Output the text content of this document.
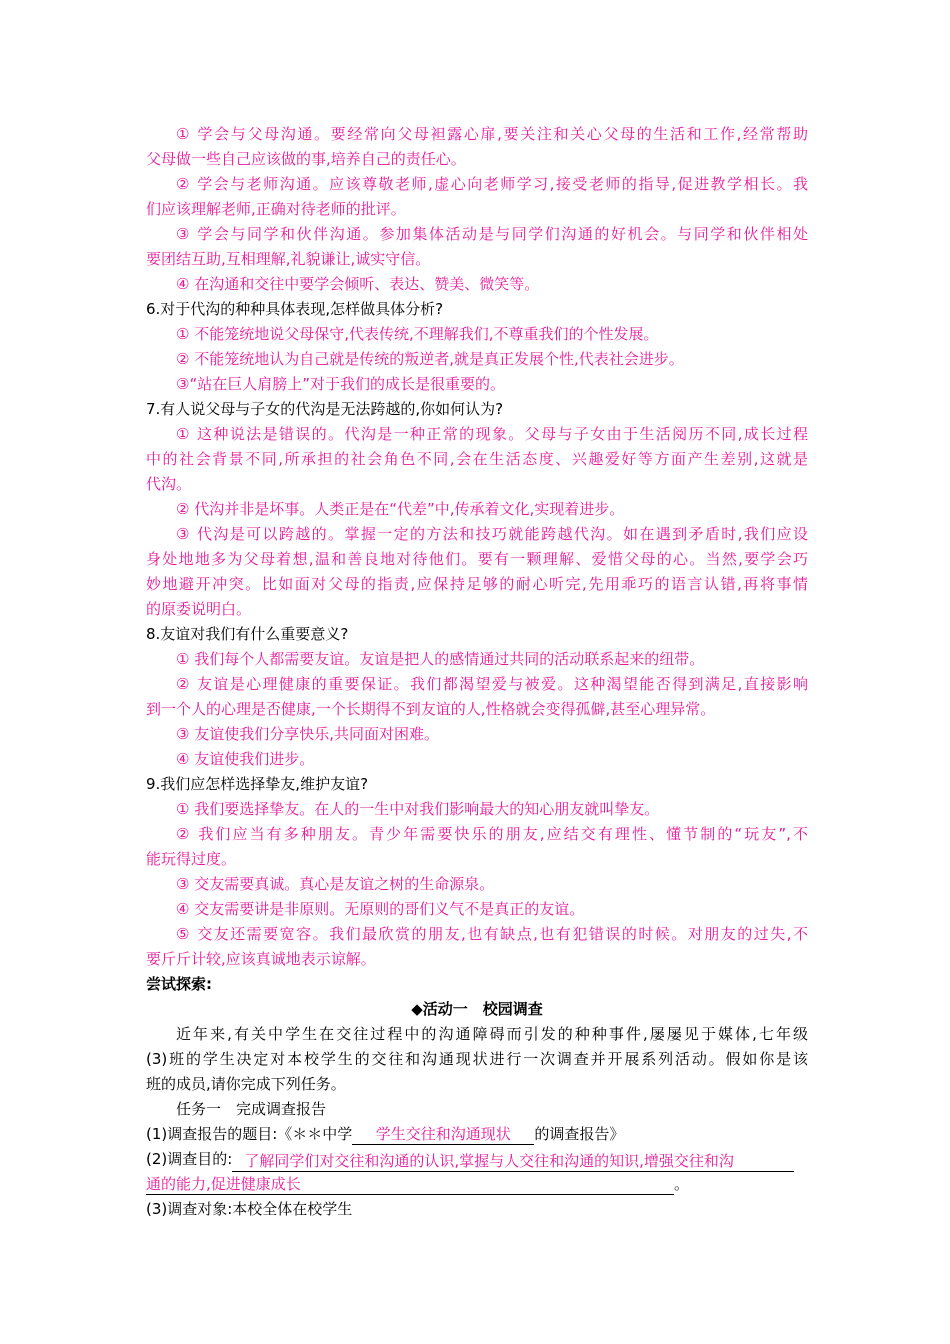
① 学会与父母沟通。要经常向父母袒露心扉,要关注和关心父母的生活和工作,经常帮助
父母做一些自己应该做的事,培养自己的责任心。
② 学会与老师沟通。应该尊敬老师,虚心向老师学习,接受老师的指导,促进教学相长。我
们应该理解老师,正确对待老师的批评。
③ 学会与同学和伙伴沟通。参加集体活动是与同学们沟通的好机会。与同学和伙伴相处
要团结互助,互相理解,礼貌谦让,诚实守信。
④ 在沟通和交往中要学会倾听、表达、赞美、微笑等。
6.对于代沟的种种具体表现,怎样做具体分析?
① 不能笼统地说父母保守,代表传统,不理解我们,不尊重我们的个性发展。
② 不能笼统地认为自己就是传统的叛逆者,就是真正发展个性,代表社会进步。
③“站在巨人肩膀上”对于我们的成长是很重要的。
7.有人说父母与子女的代沟是无法跨越的,你如何认为?
① 这种说法是错误的。代沟是一种正常的现象。父母与子女由于生活阅历不同,成长过程
中的社会背景不同,所承担的社会角色不同,会在生活态度、兴趣爱好等方面产生差别,这就是
代沟。
② 代沟并非是坏事。人类正是在“代差”中,传承着文化,实现着进步。
③ 代沟是可以跨越的。掌握一定的方法和技巧就能跨越代沟。如在遇到矛盾时,我们应设
身处地地多为父母着想,温和善良地对待他们。要有一颗理解、爱惜父母的心。当然,要学会巧
妙地避开冲突。比如面对父母的指责,应保持足够的耐心听完,先用乖巧的语言认错,再将事情
的原委说明白。
8.友谊对我们有什么重要意义?
① 我们每个人都需要友谊。友谊是把人的感情通过共同的活动联系起来的纽带。
② 友谊是心理健康的重要保证。我们都渴望爱与被爱。这种渴望能否得到满足,直接影响
到一个人的心理是否健康,一个长期得不到友谊的人,性格就会变得孤僻,甚至心理异常。
③ 友谊使我们分享快乐,共同面对困难。
④ 友谊使我们进步。
9.我们应怎样选择挚友,维护友谊?
① 我们要选择挚友。在人的一生中对我们影响最大的知心朋友就叫挚友。
② 我们应当有多种朋友。青少年需要快乐的朋友,应结交有理性、懂节制的“玩友”,不
能玩得过度。
③ 交友需要真诚。真心是友谊之树的生命源泉。
④ 交友需要讲是非原则。无原则的哥们义气不是真正的友谊。
⑤ 交友还需要宽容。我们最欣赏的朋友,也有缺点,也有犯错误的时候。对朋友的过失,不
要斤斤计较,应该真诚地表示谅解。
尝试探索:
◆活动一　校园调查
近年来,有关中学生在交往过程中的沟通障碍而引发的种种事件,屡屡见于媒体,七年级
(3)班的学生决定对本校学生的交往和沟通现状进行一次调查并开展系列活动。假如你是该
班的成员,请你完成下列任务。
任务一　完成调查报告
(1)调查报告的题目:《＊＊中学 学生交往和沟通现状 的调查报告》
(2)调查目的: 了解同学们对交往和沟通的认识,掌握与人交往和沟通的知识,增强交往和沟
通的能力,促进健康成长	。
(3)调查对象:本校全体在校学生
